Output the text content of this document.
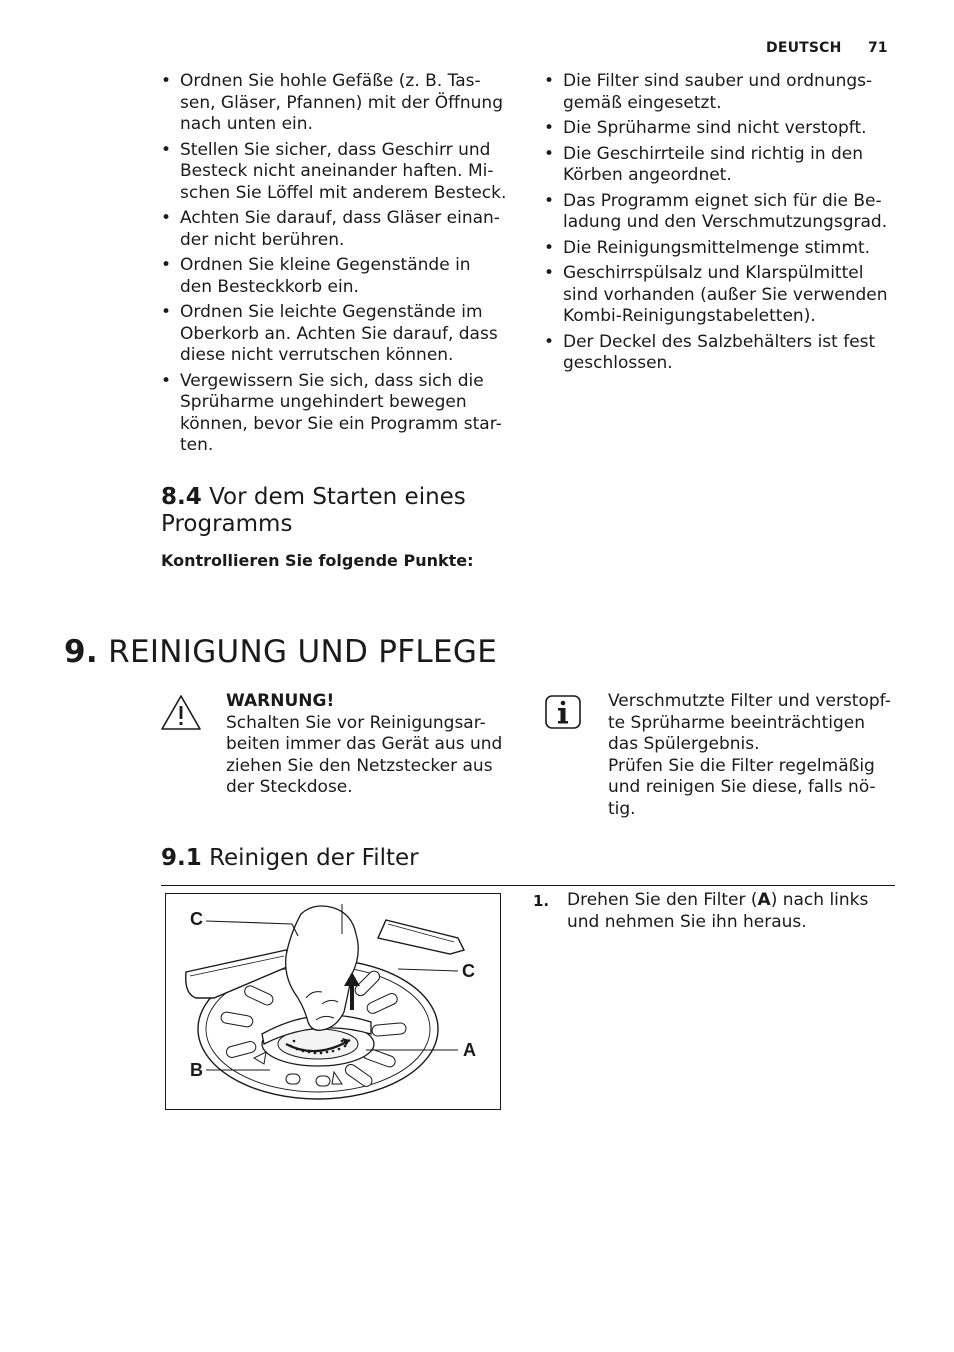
DEUTSCH 71
• Ordnen Sie hohle Gefäße (z. B. Tas-
sen, Gläser, Pfannen) mit der Öffnung
nach unten ein.
• Stellen Sie sicher, dass Geschirr und
Besteck nicht aneinander haften. Mi-
schen Sie Löffel mit anderem Besteck.
• Achten Sie darauf, dass Gläser einan-
der nicht berühren.
• Ordnen Sie kleine Gegenstände in
den Besteckkorb ein.
• Ordnen Sie leichte Gegenstände im
Oberkorb an. Achten Sie darauf, dass
diese nicht verrutschen können.
• Vergewissern Sie sich, dass sich die
Sprüharme ungehindert bewegen
können, bevor Sie ein Programm star-
ten.
• Die Filter sind sauber und ordnungs-
gemäß eingesetzt.
• Die Sprüharme sind nicht verstopft.
• Die Geschirrteile sind richtig in den
Körben angeordnet.
• Das Programm eignet sich für die Be-
ladung und den Verschmutzungsgrad.
• Die Reinigungsmittelmenge stimmt.
• Geschirrspülsalz und Klarspülmittel
sind vorhanden (außer Sie verwenden
Kombi-Reinigungstabeletten).
• Der Deckel des Salzbehälters ist fest
geschlossen.
8.4 Vor dem Starten eines
Programms
Kontrollieren Sie folgende Punkte:
9. REINIGUNG UND PFLEGE
WARNUNG!
Schalten Sie vor Reinigungsar-
beiten immer das Gerät aus und
ziehen Sie den Netzstecker aus
der Steckdose.
Verschmutzte Filter und verstopf-
te Sprüharme beeinträchtigen
das Spülergebnis.
Prüfen Sie die Filter regelmäßig
und reinigen Sie diese, falls nö-
tig.
9.1 Reinigen der Filter
C
C
A
B
1. Drehen Sie den Filter (A) nach links
und nehmen Sie ihn heraus.
